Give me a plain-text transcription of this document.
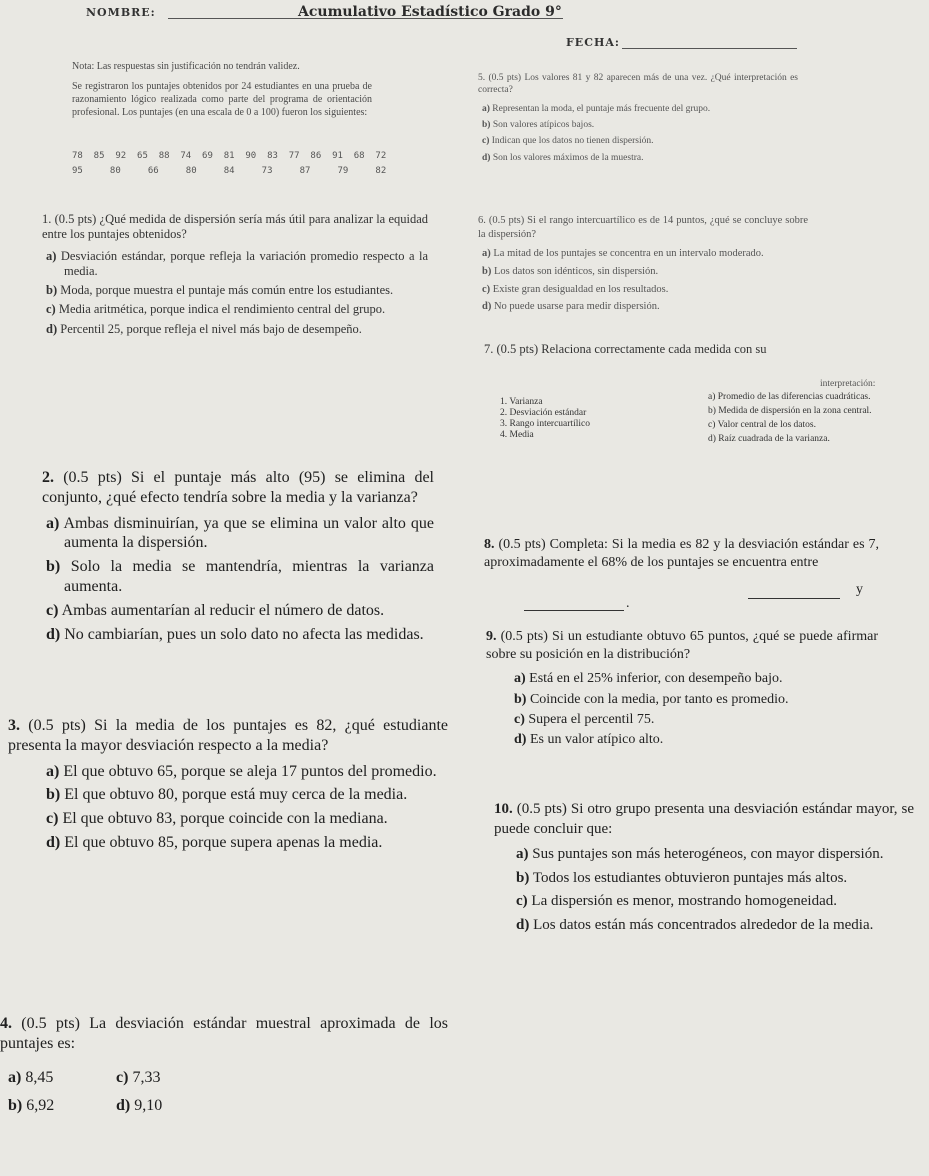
NOMBRE:	Acumulativo Estadístico Grado 9°
FECHA:
Nota: Las respuestas sin justificación no tendrán validez.
Se registraron los puntajes obtenidos por 24 estudiantes en una prueba de razonamiento lógico realizada como parte del programa de orientación profesional. Los puntajes (en una escala de 0 a 100) fueron los siguientes:
78  85  92  65  88  74  69  81  90  83  77  86  91  68  72
95     80     66     80     84     73     87     79     82
1. (0.5 pts) ¿Qué medida de dispersión sería más útil para analizar la equidad entre los puntajes obtenidos?
a) Desviación estándar, porque refleja la variación promedio respecto a la media.
b) Moda, porque muestra el puntaje más común entre los estudiantes.
c) Media aritmética, porque indica el rendimiento central del grupo.
d) Percentil 25, porque refleja el nivel más bajo de desempeño.
2. (0.5 pts) Si el puntaje más alto (95) se elimina del conjunto, ¿qué efecto tendría sobre la media y la varianza?
a) Ambas disminuirían, ya que se elimina un valor alto que aumenta la dispersión.
b) Solo la media se mantendría, mientras la varianza aumenta.
c) Ambas aumentarían al reducir el número de datos.
d) No cambiarían, pues un solo dato no afecta las medidas.
3. (0.5 pts) Si la media de los puntajes es 82, ¿qué estudiante presenta la mayor desviación respecto a la media?
a) El que obtuvo 65, porque se aleja 17 puntos del promedio.
b) El que obtuvo 80, porque está muy cerca de la media.
c) El que obtuvo 83, porque coincide con la mediana.
d) El que obtuvo 85, porque supera apenas la media.
4. (0.5 pts) La desviación estándar muestral aproximada de los puntajes es:
a) 8,45
b) 6,92
c) 7,33
d) 9,10
5. (0.5 pts) Los valores 81 y 82 aparecen más de una vez. ¿Qué interpretación es correcta?
a) Representan la moda, el puntaje más frecuente del grupo.
b) Son valores atípicos bajos.
c) Indican que los datos no tienen dispersión.
d) Son los valores máximos de la muestra.
6. (0.5 pts) Si el rango intercuartílico es de 14 puntos, ¿qué se concluye sobre la dispersión?
a) La mitad de los puntajes se concentra en un intervalo moderado.
b) Los datos son idénticos, sin dispersión.
c) Existe gran desigualdad en los resultados.
d) No puede usarse para medir dispersión.
7. (0.5 pts) Relaciona correctamente cada medida con su
interpretación:
1. Varianza
2. Desviación estándar
3. Rango intercuartílico
4. Media
a) Promedio de las diferencias cuadráticas.
b) Medida de dispersión en la zona central.
c) Valor central de los datos.
d) Raíz cuadrada de la varianza.
8. (0.5 pts) Completa: Si la media es 82 y la desviación estándar es 7, aproximadamente el 68% de los puntajes se encuentra entre
y
.
9. (0.5 pts) Si un estudiante obtuvo 65 puntos, ¿qué se puede afirmar sobre su posición en la distribución?
a) Está en el 25% inferior, con desempeño bajo.
b) Coincide con la media, por tanto es promedio.
c) Supera el percentil 75.
d) Es un valor atípico alto.
10. (0.5 pts) Si otro grupo presenta una desviación estándar mayor, se puede concluir que:
a) Sus puntajes son más heterogéneos, con mayor dispersión.
b) Todos los estudiantes obtuvieron puntajes más altos.
c) La dispersión es menor, mostrando homogeneidad.
d) Los datos están más concentrados alrededor de la media.
